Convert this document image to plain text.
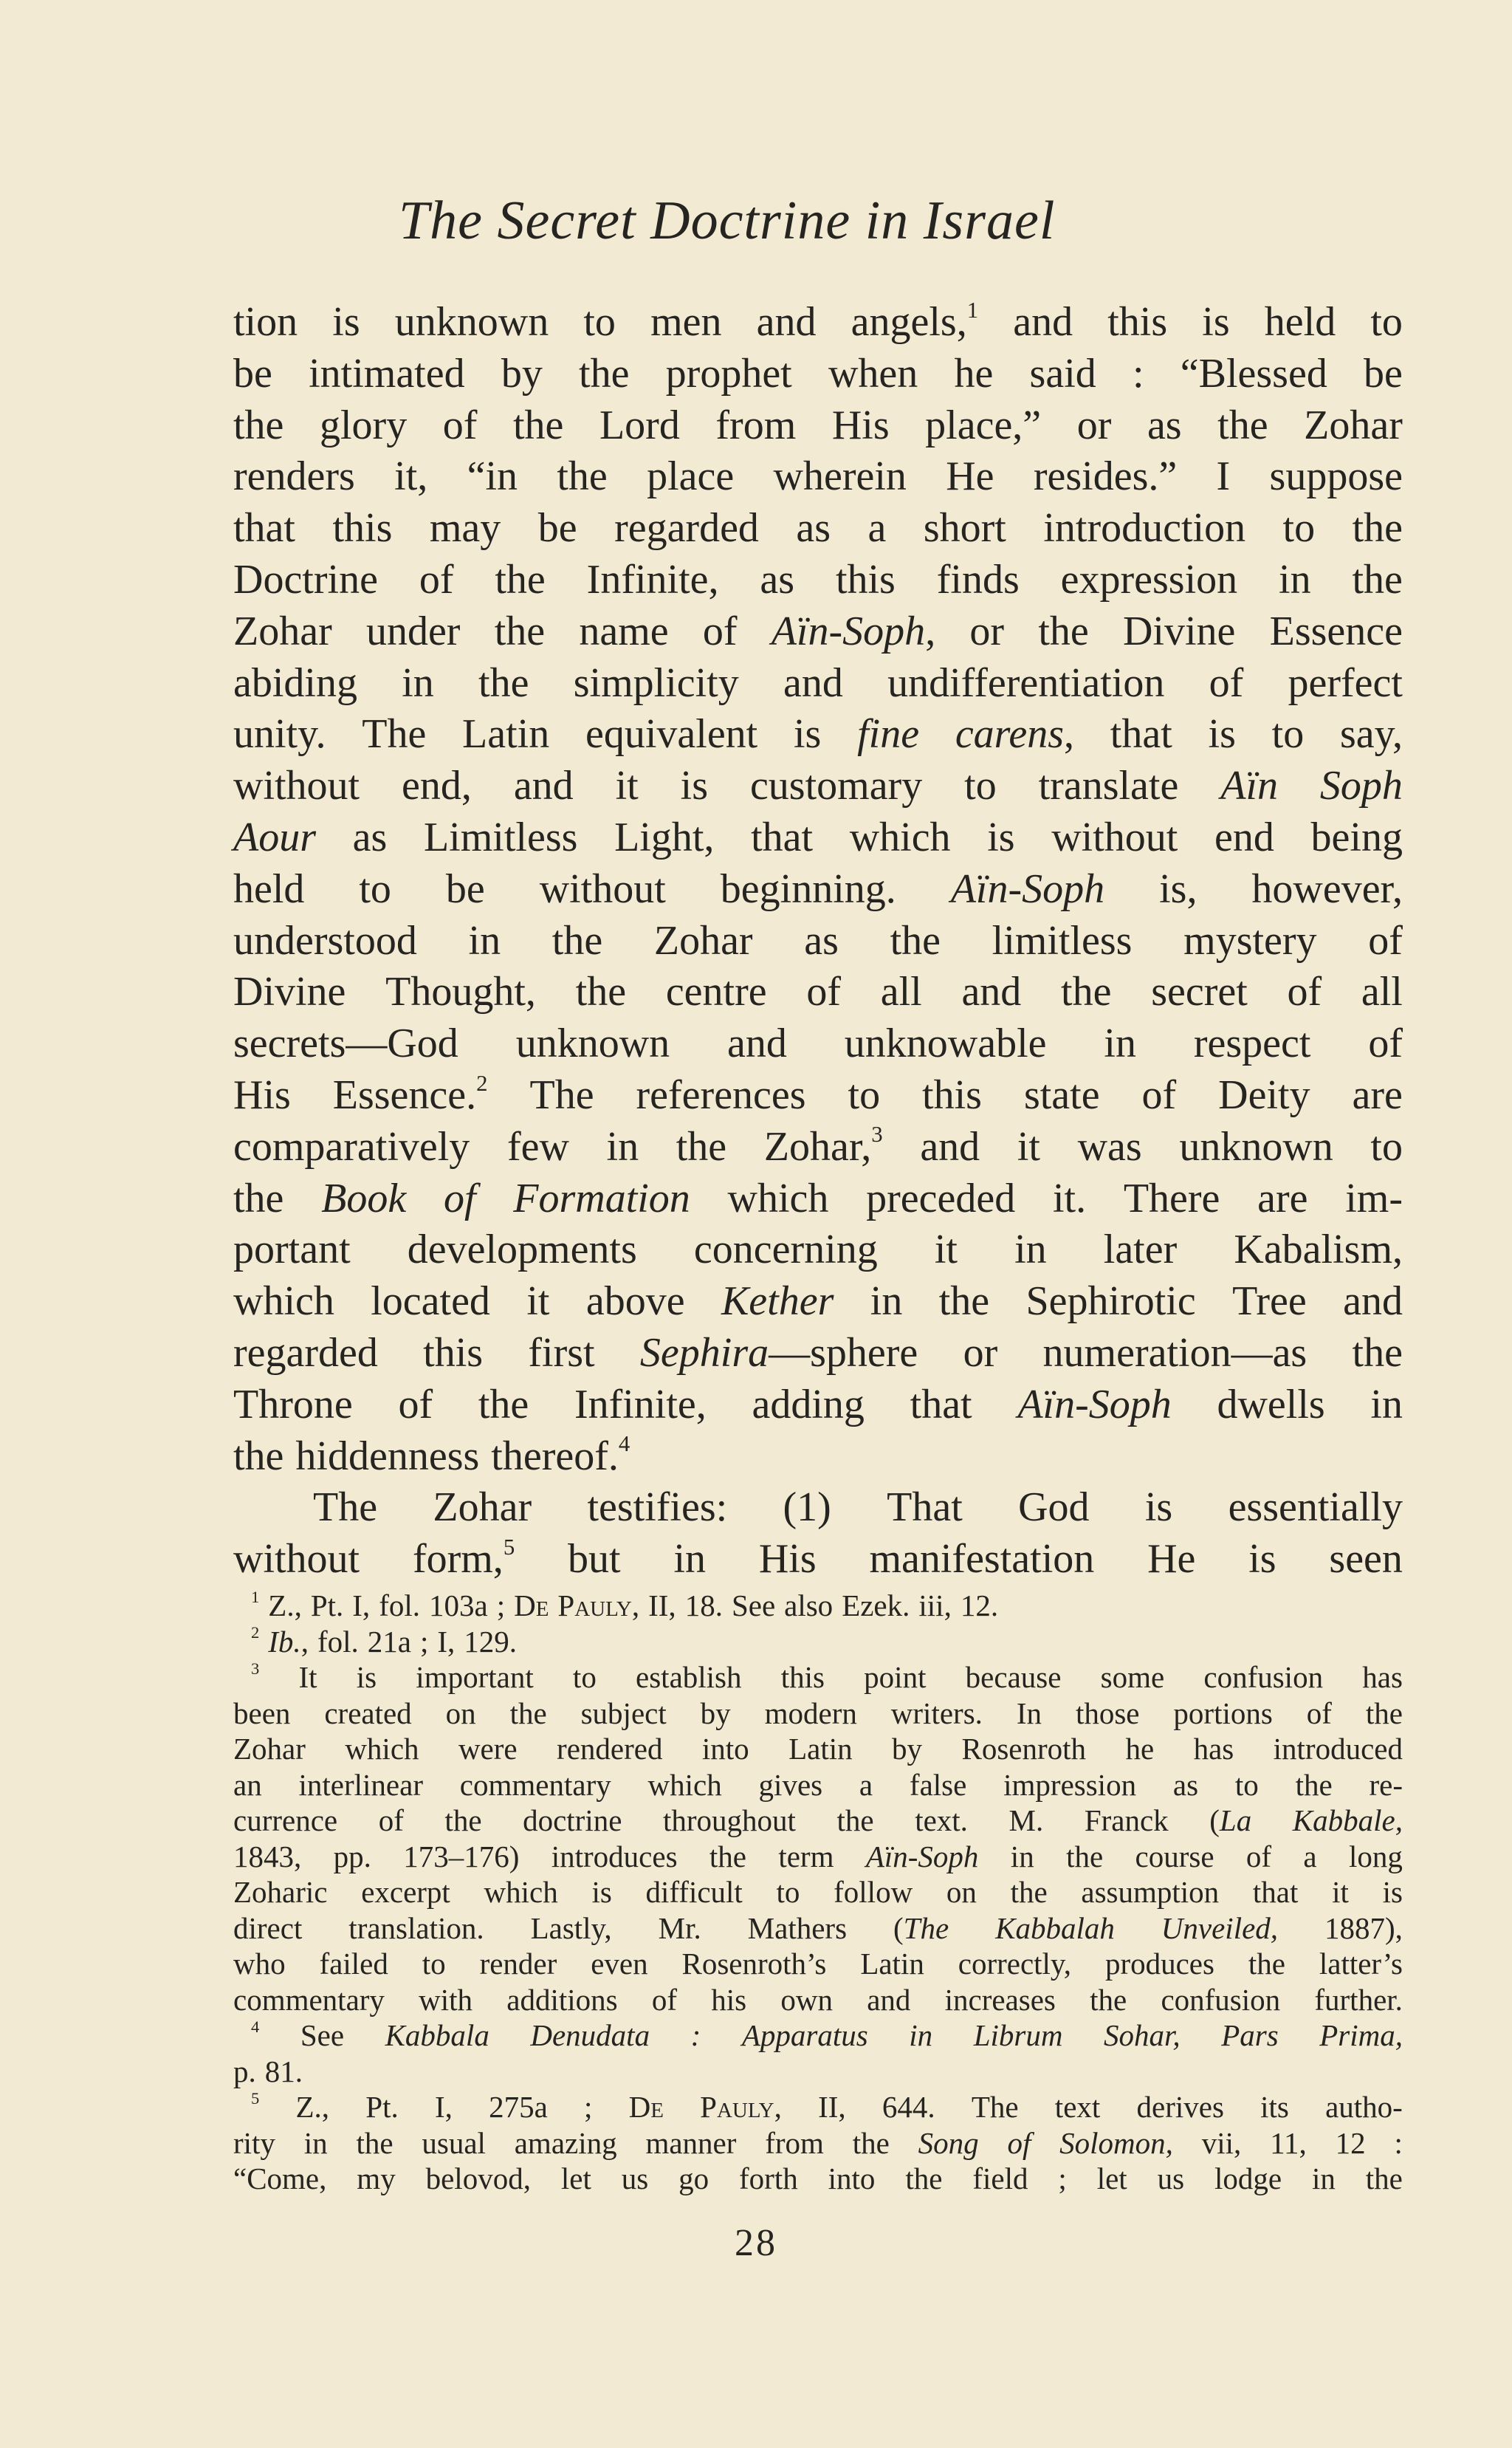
The Secret Doctrine in Israel
tion is unknown to men and angels,$^1$ and this is held to
be intimated by the prophet when he said : “Blessed be
the glory of the Lord from His place,” or as the Zohar
renders it, “in the place wherein He resides.” I suppose
that this may be regarded as a short introduction to the
Doctrine of the Infinite, as this finds expression in the
Zohar under the name of Aïn-Soph, or the Divine Essence
abiding in the simplicity and undifferentiation of perfect
unity. The Latin equivalent is fine carens, that is to say,
without end, and it is customary to translate Aïn Soph
Aour as Limitless Light, that which is without end being
held to be without beginning. Aïn-Soph is, however,
understood in the Zohar as the limitless mystery of
Divine Thought, the centre of all and the secret of all
secrets—God unknown and unknowable in respect of
His Essence.$^2$ The references to this state of Deity are
comparatively few in the Zohar,$^3$ and it was unknown to
the Book of Formation which preceded it. There are im-
portant developments concerning it in later Kabalism,
which located it above Kether in the Sephirotic Tree and
regarded this first Sephira—sphere or numeration—as the
Throne of the Infinite, adding that Aïn-Soph dwells in
the hiddenness thereof.$^4$
The Zohar testifies: (1) That God is essentially
without form,$^5$ but in His manifestation He is seen
$^1$ Z., Pt. I, fol. 103a ; De Pauly, II, 18. See also Ezek. iii, 12.
$^2$ Ib., fol. 21a ; I, 129.
$^3$ It is important to establish this point because some confusion has
been created on the subject by modern writers. In those portions of the
Zohar which were rendered into Latin by Rosenroth he has introduced
an interlinear commentary which gives a false impression as to the re-
currence of the doctrine throughout the text. M. Franck (La Kabbale,
1843, pp. 173–176) introduces the term Aïn-Soph in the course of a long
Zoharic excerpt which is difficult to follow on the assumption that it is
direct translation. Lastly, Mr. Mathers (The Kabbalah Unveiled, 1887),
who failed to render even Rosenroth’s Latin correctly, produces the latter’s
commentary with additions of his own and increases the confusion further.
$^4$ See Kabbala Denudata : Apparatus in Librum Sohar, Pars Prima,
p. 81.
$^5$ Z., Pt. I, 275a ; De Pauly, II, 644. The text derives its autho-
rity in the usual amazing manner from the Song of Solomon, vii, 11, 12 :
“Come, my belovod, let us go forth into the field ; let us lodge in the
28
